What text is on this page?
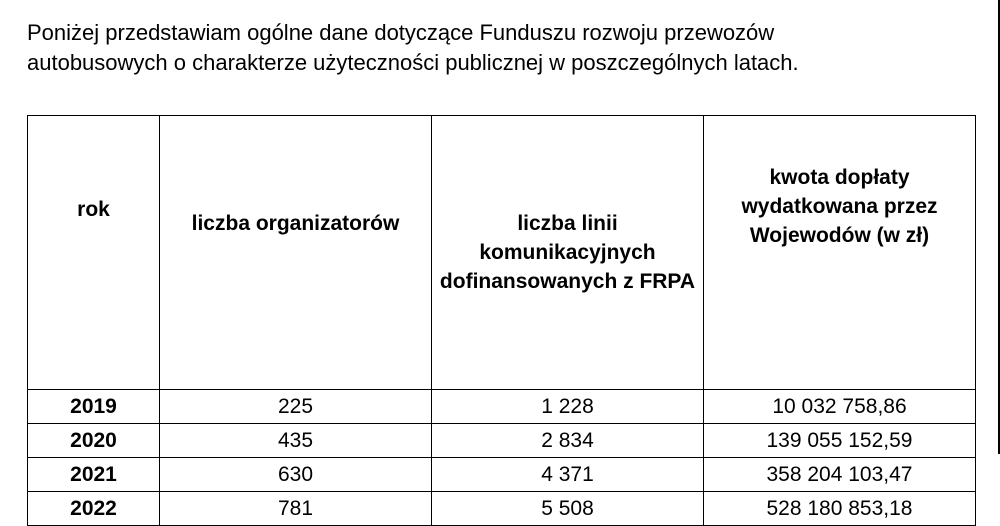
Poniżej przedstawiam ogólne dane dotyczące Funduszu rozwoju przewozów
autobusowych o charakterze użyteczności publicznej w poszczególnych latach.

rok	liczba organizatorów	liczba linii komunikacyjnych dofinansowanych z FRPA	kwota dopłaty wydatkowana przez Wojewodów (w zł)
2019	225	1 228	10 032 758,86
2020	435	2 834	139 055 152,59
2021	630	4 371	358 204 103,47
2022	781	5 508	528 180 853,18
